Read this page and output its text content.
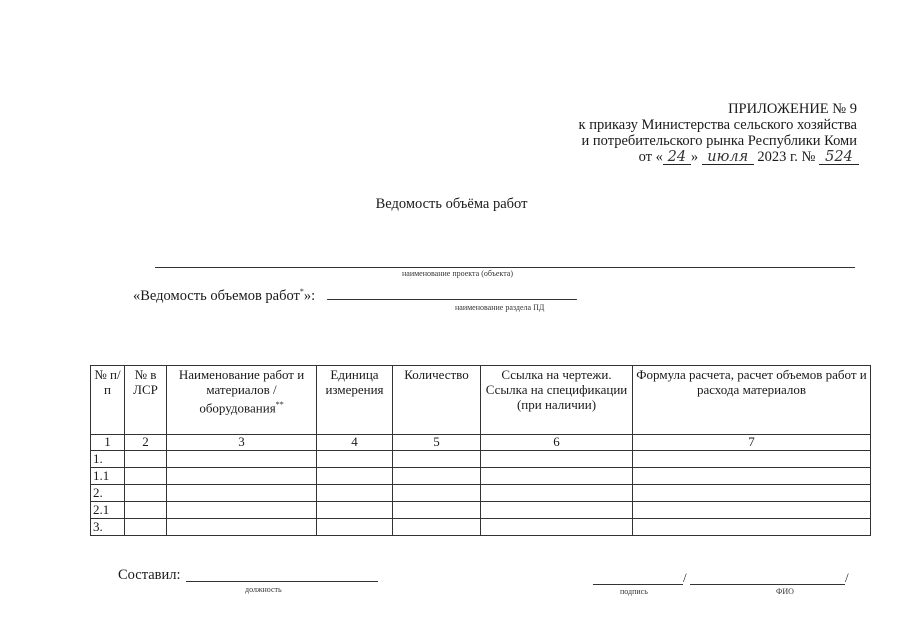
ПРИЛОЖЕНИЕ № 9
к приказу Министерства сельского хозяйства
и потребительского рынка Республики Коми
от « 24 » июля 2023 г. № 524
Ведомость объёма работ
наименование проекта (объекта)
«Ведомость объемов работ*»:
наименование раздела ПД
№ п/п	№ в ЛСР	Наименование работ и материалов / оборудования**	Единица измерения	Количество	Ссылка на чертежи. Ссылка на спецификации (при наличии)	Формула расчета, расчет объемов работ и расхода материалов
1	2	3	4	5	6	7
1.						
1.1						
2.						
2.1						
3.						
Составил:
должность
/	/
подпись	ФИО
